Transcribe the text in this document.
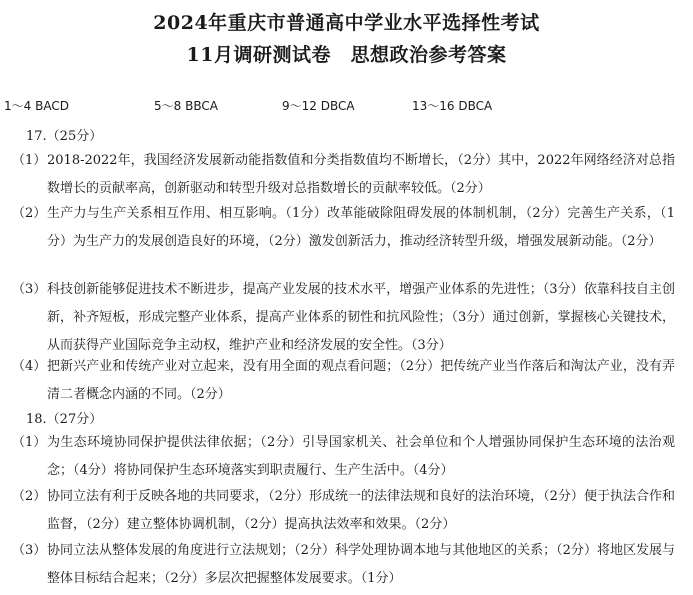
2024年重庆市普通高中学业水平选择性考试
11月调研测试卷　思想政治参考答案
1～4 BACD	5～8 BBCA	9～12 DBCA	13～16 DBCA
17.（25分）
（1） 2018-2022年，我国经济发展新动能指数值和分类指数值均不断增长，（2分）其中，2022年网络经济对总指数增长的贡献率高，创新驱动和转型升级对总指数增长的贡献率较低。（2分）
（2） 生产力与生产关系相互作用、相互影响。（1分）改革能破除阻碍发展的体制机制，（2分）完善生产关系，（1分）为生产力的发展创造良好的环境，（2分）激发创新活力，推动经济转型升级，增强发展新动能。（2分）
（3） 科技创新能够促进技术不断进步，提高产业发展的技术水平，增强产业体系的先进性；（3分）依靠科技自主创新，补齐短板，形成完整产业体系，提高产业体系的韧性和抗风险性；（3分）通过创新，掌握核心关键技术，从而获得产业国际竞争主动权，维护产业和经济发展的安全性。（3分）
（4） 把新兴产业和传统产业对立起来，没有用全面的观点看问题；（2分）把传统产业当作落后和淘汰产业，没有弄清二者概念内涵的不同。（2分）
18.（27分）
（1） 为生态环境协同保护提供法律依据；（2分）引导国家机关、社会单位和个人增强协同保护生态环境的法治观念；（4分）将协同保护生态环境落实到职责履行、生产生活中。（4分）
（2） 协同立法有利于反映各地的共同要求，（2分）形成统一的法律法规和良好的法治环境，（2分）便于执法合作和监督，（2分）建立整体协调机制，（2分）提高执法效率和效果。（2分）
（3） 协同立法从整体发展的角度进行立法规划；（2分）科学处理协调本地与其他地区的关系；（2分）将地区发展与整体目标结合起来；（2分）多层次把握整体发展要求。（1分）
